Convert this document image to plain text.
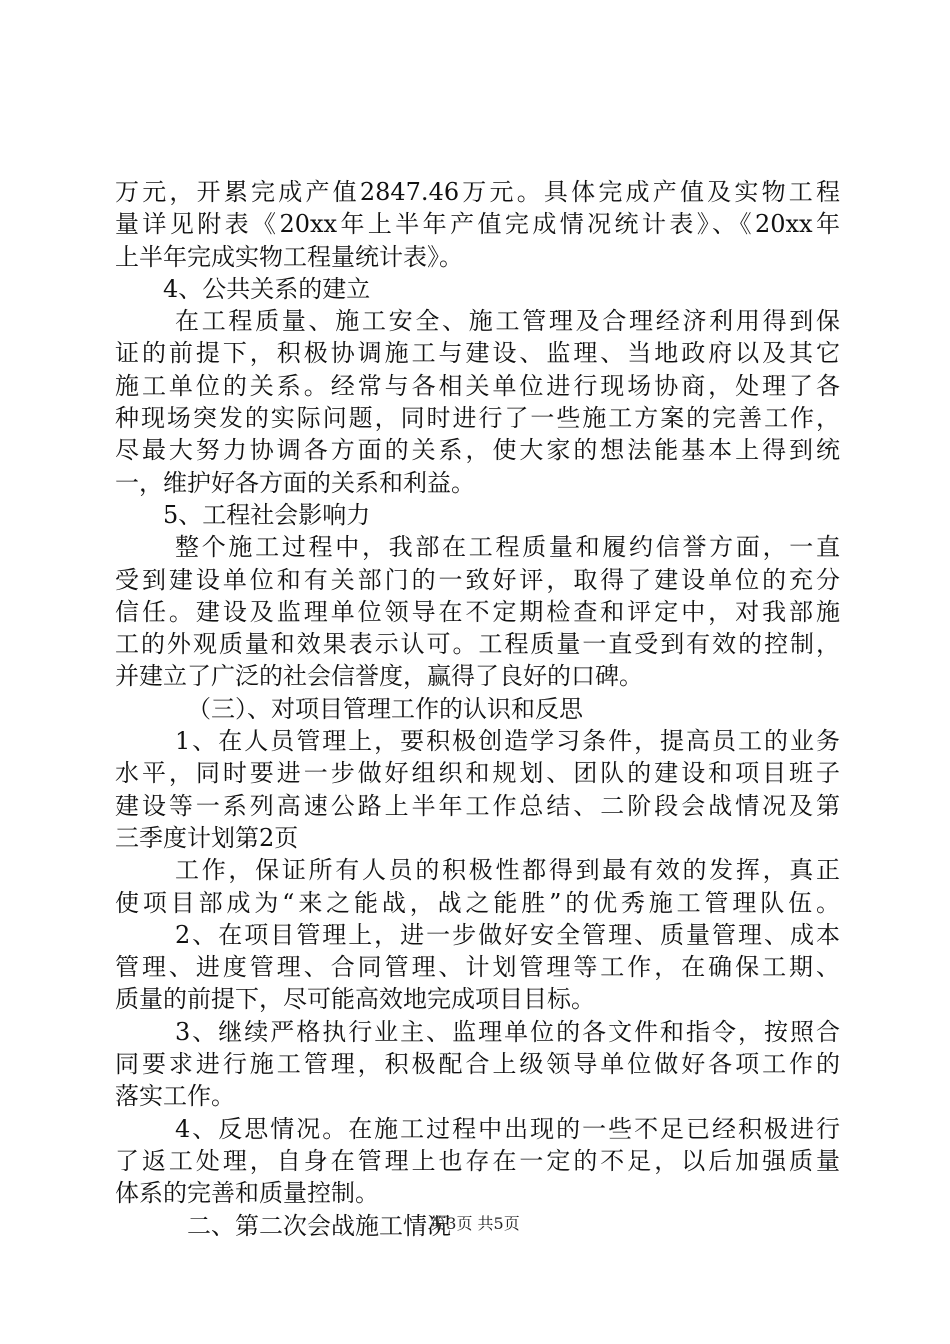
万元，开累完成产值2847.46万元。具体完成产值及实物工程
量详见附表《20xx年上半年产值完成情况统计表》、《20xx年
上半年完成实物工程量统计表》。
4、公共关系的建立
在工程质量、施工安全、施工管理及合理经济利用得到保
证的前提下，积极协调施工与建设、监理、当地政府以及其它
施工单位的关系。经常与各相关单位进行现场协商，处理了各
种现场突发的实际问题，同时进行了一些施工方案的完善工作，
尽最大努力协调各方面的关系，使大家的想法能基本上得到统
一，维护好各方面的关系和利益。
5、工程社会影响力
整个施工过程中，我部在工程质量和履约信誉方面，一直
受到建设单位和有关部门的一致好评，取得了建设单位的充分
信任。建设及监理单位领导在不定期检查和评定中，对我部施
工的外观质量和效果表示认可。工程质量一直受到有效的控制，
并建立了广泛的社会信誉度，赢得了良好的口碑。
（三）、对项目管理工作的认识和反思
1、在人员管理上，要积极创造学习条件，提高员工的业务
水平，同时要进一步做好组织和规划、团队的建设和项目班子
建设等一系列高速公路上半年工作总结、二阶段会战情况及第
三季度计划第2页
工作，保证所有人员的积极性都得到最有效的发挥，真正
使项目部成为“来之能战，战之能胜”的优秀施工管理队伍。
2、在项目管理上，进一步做好安全管理、质量管理、成本
管理、进度管理、合同管理、计划管理等工作，在确保工期、
质量的前提下，尽可能高效地完成项目目标。
3、继续严格执行业主、监理单位的各文件和指令，按照合
同要求进行施工管理，积极配合上级领导单位做好各项工作的
落实工作。
4、反思情况。在施工过程中出现的一些不足已经积极进行
了返工处理，自身在管理上也存在一定的不足，以后加强质量
体系的完善和质量控制。
二、第二次会战施工情况
第3页 共5页
